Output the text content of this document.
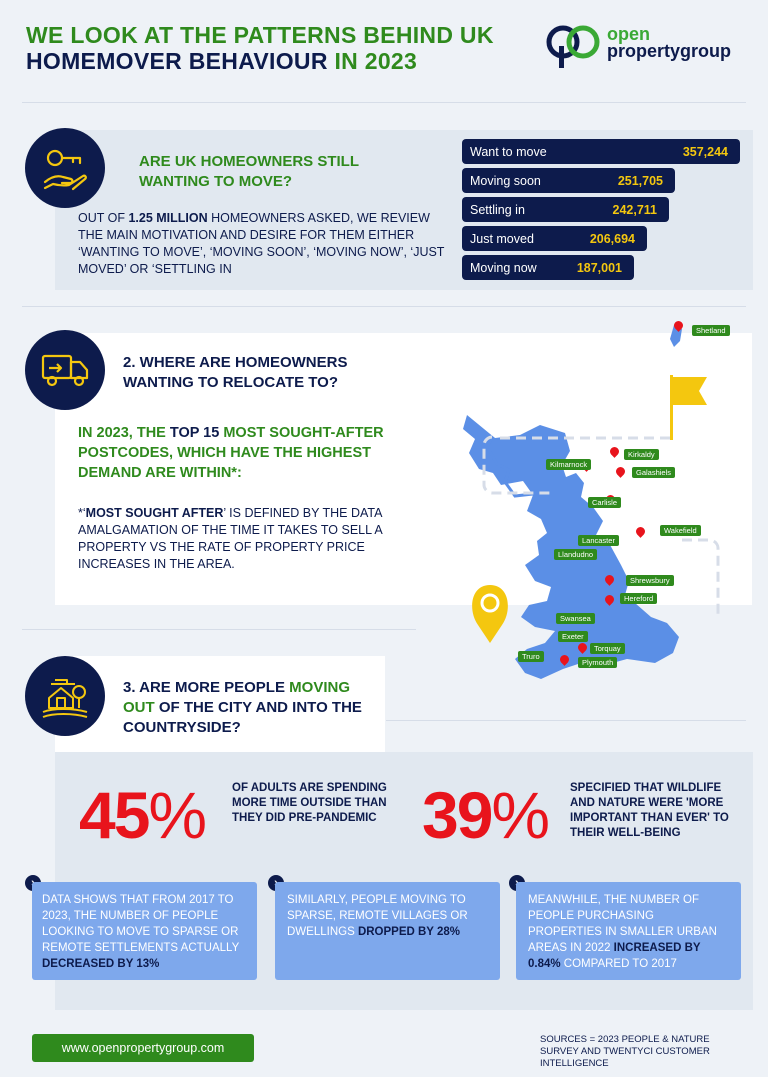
WE LOOK AT THE PATTERNS BEHIND UK
HOMEMOVER BEHAVIOUR IN 2023
open
propertygroup
ARE UK HOMEOWNERS STILL
WANTING TO MOVE?
OUT OF 1.25 MILLION HOMEOWNERS ASKED, WE REVIEW THE MAIN MOTIVATION AND DESIRE FOR THEM EITHER ‘WANTING TO MOVE’, ‘MOVING SOON’, ‘MOVING NOW’, ‘JUST MOVED’ OR ‘SETTLING IN
Want to move	357,244
Moving soon	251,705
Settling in	242,711
Just moved	206,694
Moving now	187,001
2. WHERE ARE HOMEOWNERS
WANTING TO RELOCATE TO?
IN 2023, THE TOP 15 MOST SOUGHT-AFTER POSTCODES, WHICH HAVE THE HIGHEST DEMAND ARE WITHIN*:
*‘MOST SOUGHT AFTER’ IS DEFINED BY THE DATA AMALGAMATION OF THE TIME IT TAKES TO SELL A PROPERTY VS THE RATE OF PROPERTY PRICE INCREASES IN THE AREA.
Shetland
Kirkaldy
Kilmarnock
Galashiels
Carlisle
Wakefield
Lancaster
Llandudno
Shrewsbury
Hereford
Swansea
Exeter
Torquay
Truro
Plymouth
3. ARE MORE PEOPLE MOVING OUT OF THE CITY AND INTO THE COUNTRYSIDE?
45% OF ADULTS ARE SPENDING MORE TIME OUTSIDE THAN THEY DID PRE-PANDEMIC 39% SPECIFIED THAT WILDLIFE AND NATURE WERE 'MORE IMPORTANT THAN EVER' TO THEIR WELL-BEING
DATA SHOWS THAT FROM 2017 TO 2023, THE NUMBER OF PEOPLE LOOKING TO MOVE TO SPARSE OR REMOTE SETTLEMENTS ACTUALLY DECREASED BY 13%
SIMILARLY, PEOPLE MOVING TO SPARSE, REMOTE VILLAGES OR DWELLINGS DROPPED BY 28%
MEANWHILE, THE NUMBER OF PEOPLE PURCHASING PROPERTIES IN SMALLER URBAN AREAS IN 2022 INCREASED BY 0.84% COMPARED TO 2017
www.openpropertygroup.com
SOURCES = 2023 PEOPLE & NATURE SURVEY AND TWENTYCI CUSTOMER INTELLIGENCE
